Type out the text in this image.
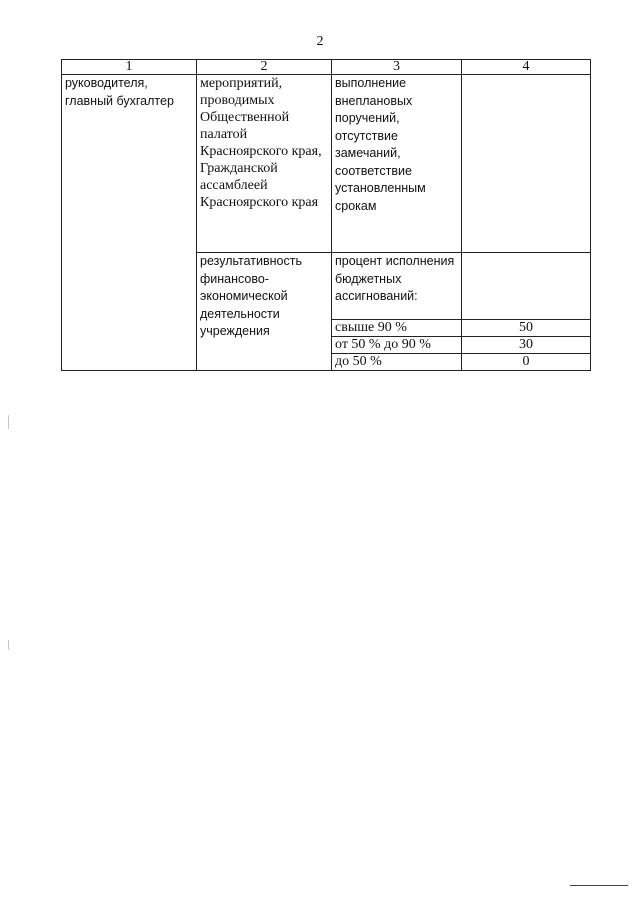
2
1	2	3	4
руководителя, главный бухгалтер	мероприятий, проводимых Общественной палатой Красноярского края, Гражданской ассамблеей Красноярского края	выполнение внеплановых поручений, отсутствие замечаний, соответствие установленным срокам	
	результативность финансово-экономической деятельности учреждения	процент исполнения бюджетных ассигнований:	
		свыше 90 %	50
		от 50 % до 90 %	30
		до 50 %	0
